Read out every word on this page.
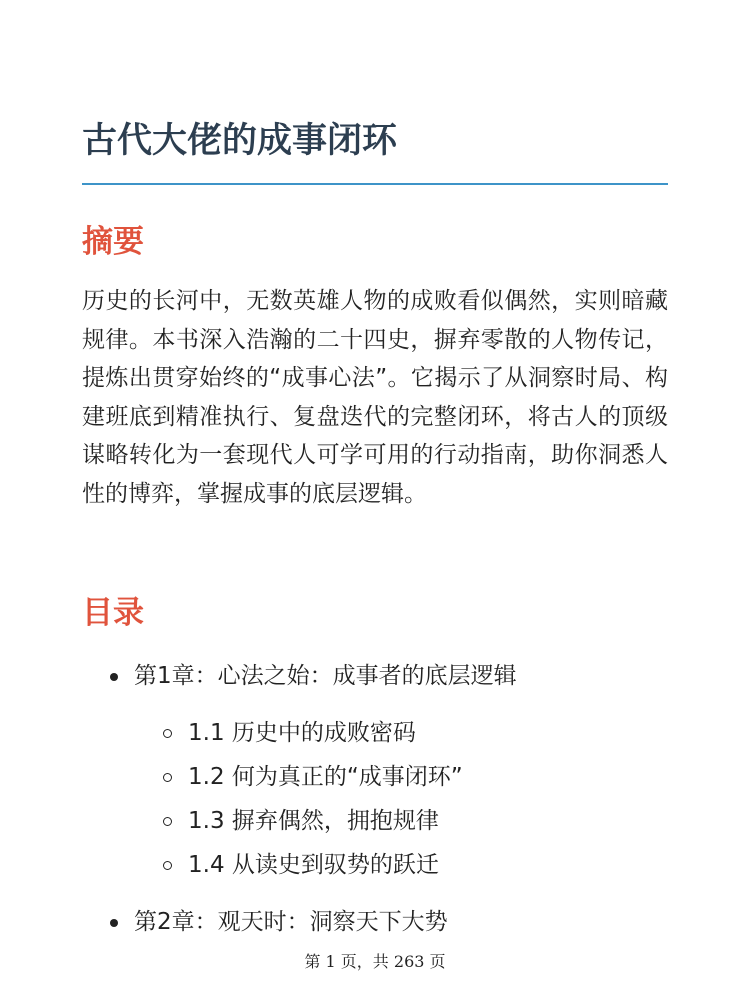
古代大佬的成事闭环
摘要

历史的长河中，无数英雄人物的成败看似偶然，实则暗藏规律。本书深入浩瀚的二十四史，摒弃零散的人物传记，提炼出贯穿始终的“成事心法”。它揭示了从洞察时局、构建班底到精准执行、复盘迭代的完整闭环，将古人的顶级谋略转化为一套现代人可学可用的行动指南，助你洞悉人性的博弈，掌握成事的底层逻辑。

目录
第1章：心法之始：成事者的底层逻辑
1.1 历史中的成败密码
1.2 何为真正的“成事闭环”
1.3 摒弃偶然，拥抱规律
1.4 从读史到驭势的跃迁
第2章：观天时：洞察天下大势
第 1 页，共 263 页
